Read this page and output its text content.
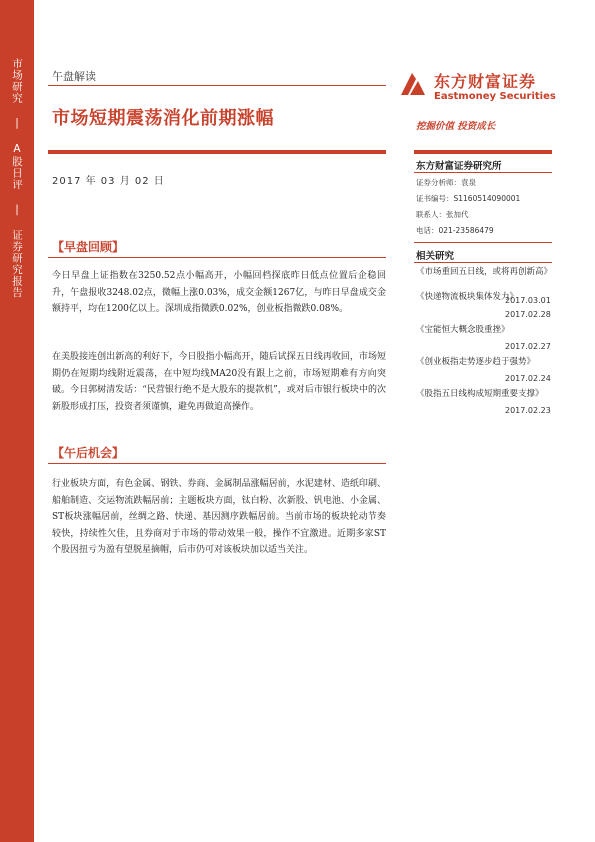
市场研究 | A股日评 | 证券研究报告	午盘解读
市场短期震荡消化前期涨幅
2017 年 03 月 02 日
东方财富证券
Eastmoney Securities
挖掘价值 投资成长
东方财富证券研究所
证券分析师：袁泉
证书编号：S1160514090001
联系人：张加代
电话：021-23586479
相关研究
《市场重回五日线，或将再创新高》
2017.03.01
《快递物流板块集体发力》
2017.02.28
《宝能恒大概念股重挫》
2017.02.27
《创业板指走势逐步趋于强势》
2017.02.24
《股指五日线构成短期重要支撑》
2017.02.23
【早盘回顾】

今日早盘上证指数在3250.52点小幅高开，小幅回档探底昨日低点位置后企稳回升，午盘报收3248.02点，微幅上涨0.03%，成交金额1267亿，与昨日早盘成交金额持平，均在1200亿以上。深圳成指微跌0.02%，创业板指微跌0.08%。

在美股接连创出新高的利好下，今日股指小幅高开，随后试探五日线再收回，市场短期仍在短期均线附近震荡，在中短均线MA20没有跟上之前，市场短期难有方向突破。今日郭树清发话：“民营银行绝不是大股东的提款机”，或对后市银行板块中的次新股形成打压，投资者须谨慎，避免再做追高操作。

【午后机会】

行业板块方面，有色金属、钢铁、券商、金属制品涨幅居前，水泥建材、造纸印刷、船舶制造、交运物流跌幅居前；主题板块方面，钛白粉、次新股、钒电池、小金属、ST板块涨幅居前，丝绸之路、快递、基因测序跌幅居前。当前市场的板块轮动节奏较快，持续性欠佳，且券商对于市场的带动效果一般，操作不宜激进。近期多家ST个股因扭亏为盈有望脱星摘帽，后市仍可对该板块加以适当关注。
